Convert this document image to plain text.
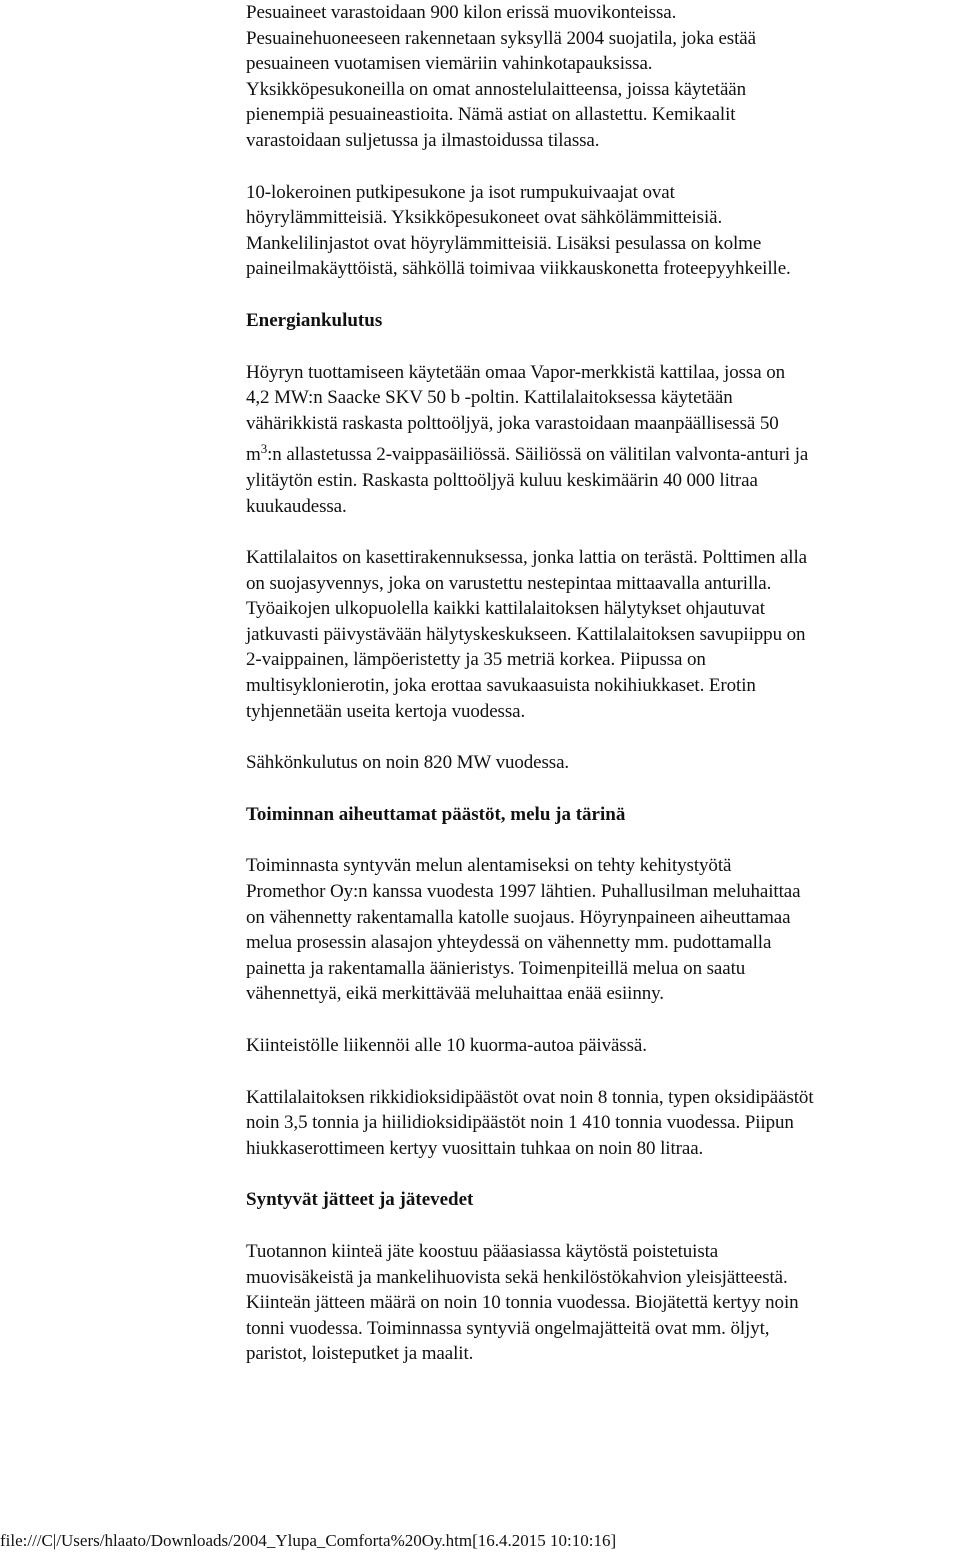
Pesuaineet varastoidaan 900 kilon erissä muovikonteissa.
Pesuainehuoneeseen rakennetaan syksyllä 2004 suojatila, joka estää
pesuaineen vuotamisen viemäriin vahinkotapauksissa.
Yksikköpesukoneilla on omat annostelulaitteensa, joissa käytetään
pienempiä pesuaineastioita. Nämä astiat on allastettu. Kemikaalit
varastoidaan suljetussa ja ilmastoidussa tilassa.
10-lokeroinen putkipesukone ja isot rumpukuivaajat ovat
höyrylämmitteisiä. Yksikköpesukoneet ovat sähkölämmitteisiä.
Mankelilinjastot ovat höyrylämmitteisiä. Lisäksi pesulassa on kolme
paineilmakäyttöistä, sähköllä toimivaa viikkauskonetta froteepyyhkeille.
Energiankulutus
Höyryn tuottamiseen käytetään omaa Vapor-merkkistä kattilaa, jossa on
4,2 MW:n Saacke SKV 50 b -poltin. Kattilalaitoksessa käytetään
vähärikkistä raskasta polttoöljyä, joka varastoidaan maanpäällisessä 50
$m^3:n$ allastetussa 2-vaippasäiliössä. Säiliössä on välitilan valvonta-anturi ja
ylitäytön estin. Raskasta polttoöljyä kuluu keskimäärin 40 000 litraa
kuukaudessa.
Kattilalaitos on kasettirakennuksessa, jonka lattia on terästä. Polttimen alla
on suojasyvennys, joka on varustettu nestepintaa mittaavalla anturilla.
Työaikojen ulkopuolella kaikki kattilalaitoksen hälytykset ohjautuvat
jatkuvasti päivystävään hälytyskeskukseen. Kattilalaitoksen savupiippu on
2-vaippainen, lämpöeristetty ja 35 metriä korkea. Piipussa on
multisyklonierotin, joka erottaa savukaasuista nokihiukkaset. Erotin
tyhjennetään useita kertoja vuodessa.
Sähkönkulutus on noin 820 MW vuodessa.
Toiminnan aiheuttamat päästöt, melu ja tärinä
Toiminnasta syntyvän melun alentamiseksi on tehty kehitystyötä
Promethor Oy:n kanssa vuodesta 1997 lähtien. Puhallusilman meluhaittaa
on vähennetty rakentamalla katolle suojaus. Höyrynpaineen aiheuttamaa
melua prosessin alasajon yhteydessä on vähennetty mm. pudottamalla
painetta ja rakentamalla äänieristys. Toimenpiteillä melua on saatu
vähennettyä, eikä merkittävää meluhaittaa enää esiinny.
Kiinteistölle liikennöi alle 10 kuorma-autoa päivässä.
Kattilalaitoksen rikkidioksidipäästöt ovat noin 8 tonnia, typen oksidipäästöt
noin 3,5 tonnia ja hiilidioksidipäästöt noin 1 410 tonnia vuodessa. Piipun
hiukkaserottimeen kertyy vuosittain tuhkaa on noin 80 litraa.
Syntyvät jätteet ja jätevedet
Tuotannon kiinteä jäte koostuu pääasiassa käytöstä poistetuista
muovisäkeistä ja mankelihuovista sekä henkilöstökahvion yleisjätteestä.
Kiinteän jätteen määrä on noin 10 tonnia vuodessa. Biojätettä kertyy noin
tonni vuodessa. Toiminnassa syntyviä ongelmajätteitä ovat mm. öljyt,
paristot, loisteputket ja maalit.
file:///C|/Users/hlaato/Downloads/2004_Ylupa_Comforta%20Oy.htm[16.4.2015 10:10:16]
